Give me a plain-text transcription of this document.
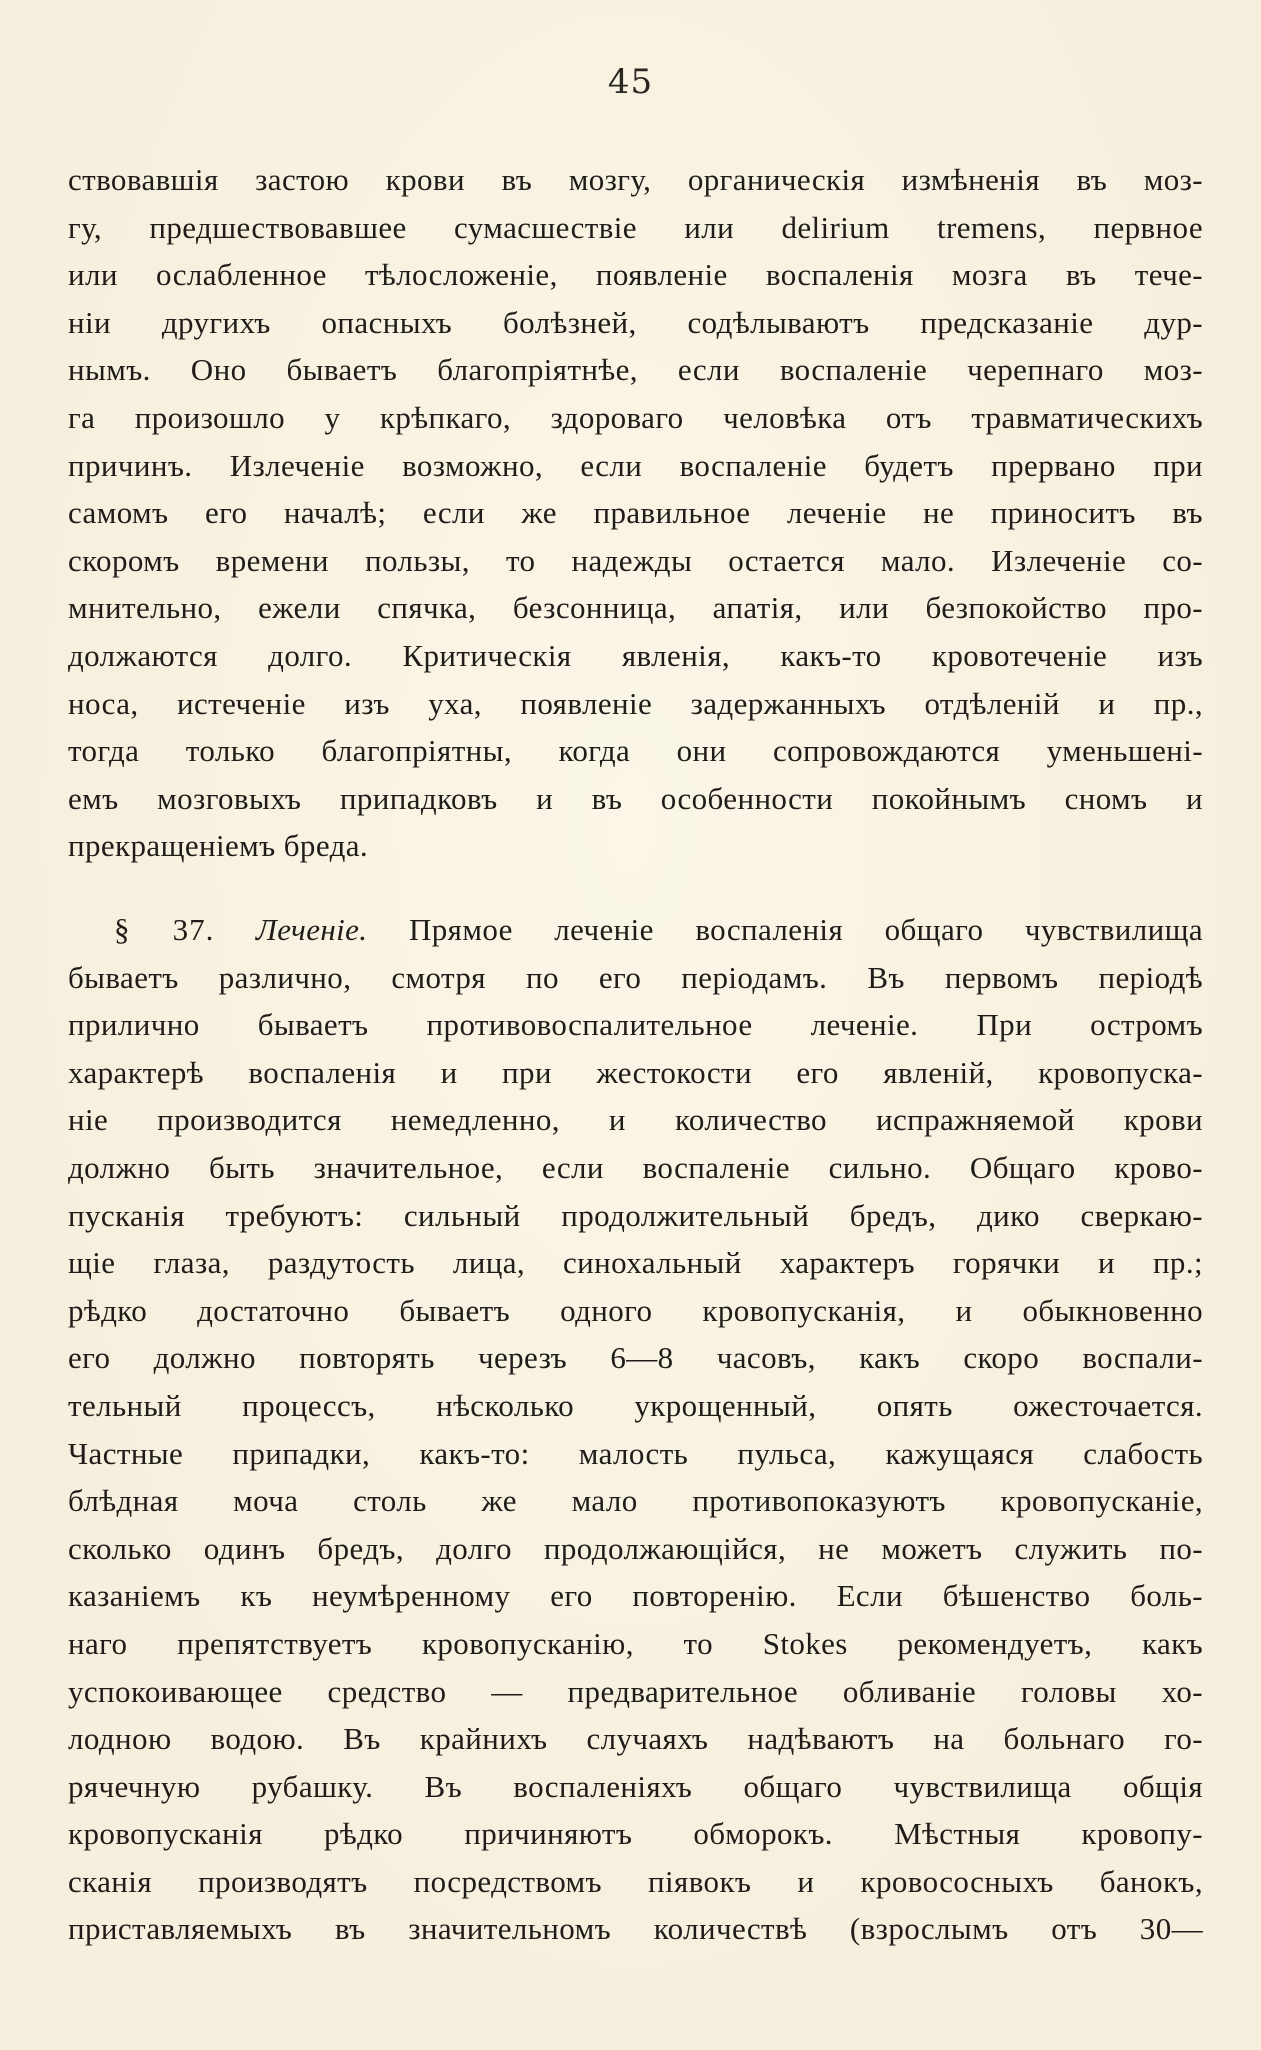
45
ствовавшія застою крови въ мозгу, органическія измѣненія въ моз-
гу, предшествовавшее сумасшествіе или delirium tremens, первное
или ослабленное тѣлосложеніе, появленіе воспаленія мозга въ тече-
ніи другихъ опасныхъ болѣзней, содѣлываютъ предсказаніе дур-
нымъ. Оно бываетъ благопріятнѣе, если воспаленіе черепнаго моз-
га произошло у крѣпкаго, здороваго человѣка отъ травматическихъ
причинъ. Излеченіе возможно, если воспаленіе будетъ прервано при
самомъ его началѣ; если же правильное леченіе не приноситъ въ
скоромъ времени пользы, то надежды остается мало. Излеченіе со-
мнительно, ежели спячка, безсонница, апатія, или безпокойство про-
должаются долго. Критическія явленія, какъ-то кровотеченіе изъ
носа, истеченіе изъ уха, появленіе задержанныхъ отдѣленій и пр.,
тогда только благопріятны, когда они сопровождаются уменьшені-
емъ мозговыхъ припадковъ и въ особенности покойнымъ сномъ и
прекращеніемъ бреда.
§ 37. Леченіе. Прямое леченіе воспаленія общаго чувствилища
бываетъ различно, смотря по его періодамъ. Въ первомъ періодѣ
прилично бываетъ противовоспалительное леченіе. При остромъ
характерѣ воспаленія и при жестокости его явленій, кровопуска-
ніе производится немедленно, и количество испражняемой крови
должно быть значительное, если воспаленіе сильно. Общаго крово-
пусканія требуютъ: сильный продолжительный бредъ, дико сверкаю-
щіе глаза, раздутость лица, синохальный характеръ горячки и пр.;
рѣдко достаточно бываетъ одного кровопусканія, и обыкновенно
его должно повторять черезъ 6—8 часовъ, какъ скоро воспали-
тельный процессъ, нѣсколько укрощенный, опять ожесточается.
Частные припадки, какъ-то: малость пульса, кажущаяся слабость
блѣдная моча столь же мало противопоказуютъ кровопусканіе,
сколько одинъ бредъ, долго продолжающійся, не можетъ служить по-
казаніемъ къ неумѣренному его повторенію. Если бѣшенство боль-
наго препятствуетъ кровопусканію, то Stokes рекомендуетъ, какъ
успокоивающее средство — предварительное обливаніе головы хо-
лодною водою. Въ крайнихъ случаяхъ надѣваютъ на больнаго го-
рячечную рубашку. Въ воспаленіяхъ общаго чувствилища общія
кровопусканія рѣдко причиняютъ обморокъ. Мѣстныя кровопу-
сканія производятъ посредствомъ піявокъ и кровососныхъ банокъ,
приставляемыхъ въ значительномъ количествѣ (взрослымъ отъ 30—
